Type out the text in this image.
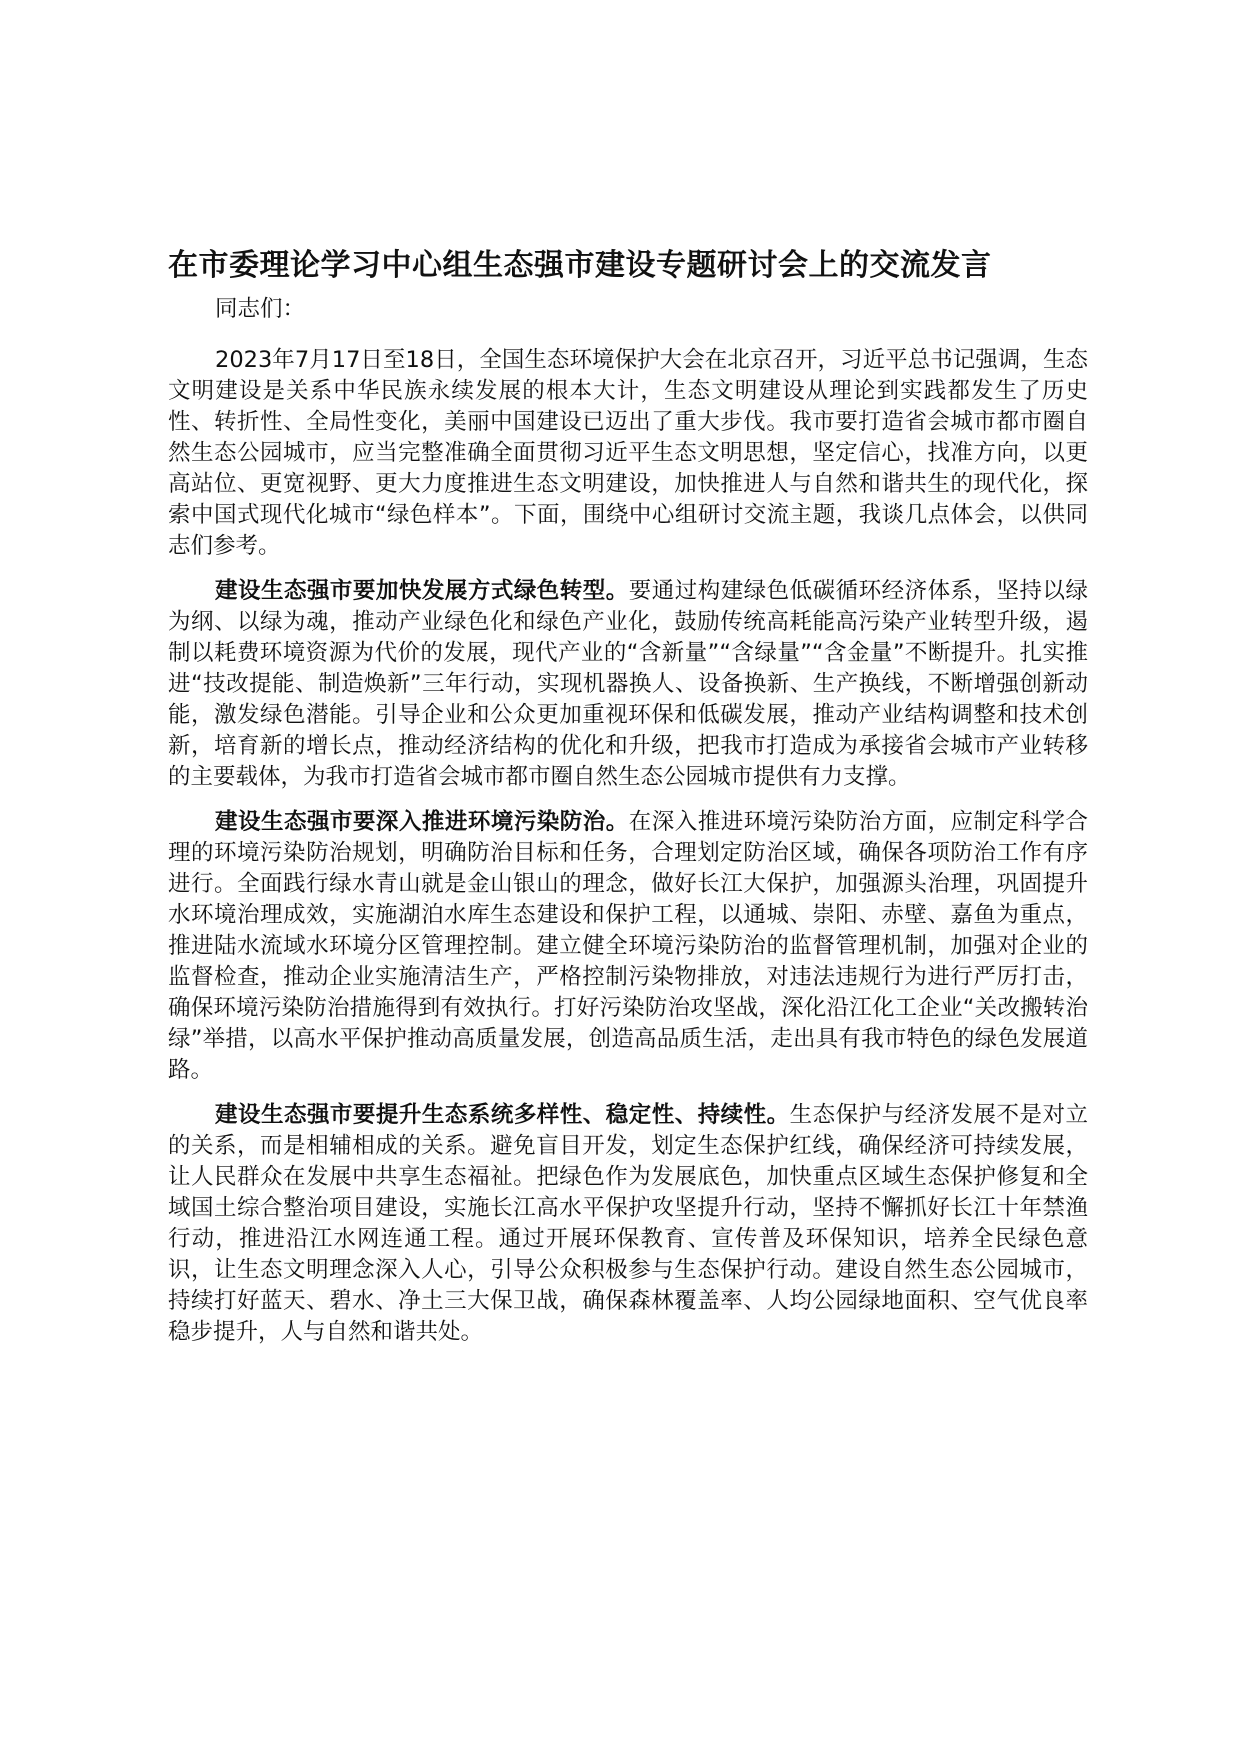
在市委理论学习中心组生态强市建设专题研讨会上的交流发言

同志们：

2023年7月17日至18日，全国生态环境保护大会在北京召开，习近平总书记强调，生态文明建设是关系中华民族永续发展的根本大计，生态文明建设从理论到实践都发生了历史性、转折性、全局性变化，美丽中国建设已迈出了重大步伐。我市要打造省会城市都市圈自然生态公园城市，应当完整准确全面贯彻习近平生态文明思想，坚定信心，找准方向，以更高站位、更宽视野、更大力度推进生态文明建设，加快推进人与自然和谐共生的现代化，探索中国式现代化城市“绿色样本”。下面，围绕中心组研讨交流主题，我谈几点体会，以供同志们参考。

建设生态强市要加快发展方式绿色转型。要通过构建绿色低碳循环经济体系，坚持以绿为纲、以绿为魂，推动产业绿色化和绿色产业化，鼓励传统高耗能高污染产业转型升级，遏制以耗费环境资源为代价的发展，现代产业的“含新量”“含绿量”“含金量”不断提升。扎实推进“技改提能、制造焕新”三年行动，实现机器换人、设备换新、生产换线，不断增强创新动能，激发绿色潜能。引导企业和公众更加重视环保和低碳发展，推动产业结构调整和技术创新，培育新的增长点，推动经济结构的优化和升级，把我市打造成为承接省会城市产业转移的主要载体，为我市打造省会城市都市圈自然生态公园城市提供有力支撑。

建设生态强市要深入推进环境污染防治。在深入推进环境污染防治方面，应制定科学合理的环境污染防治规划，明确防治目标和任务，合理划定防治区域，确保各项防治工作有序进行。全面践行绿水青山就是金山银山的理念，做好长江大保护，加强源头治理，巩固提升水环境治理成效，实施湖泊水库生态建设和保护工程，以通城、崇阳、赤壁、嘉鱼为重点，推进陆水流域水环境分区管理控制。建立健全环境污染防治的监督管理机制，加强对企业的监督检查，推动企业实施清洁生产，严格控制污染物排放，对违法违规行为进行严厉打击，确保环境污染防治措施得到有效执行。打好污染防治攻坚战，深化沿江化工企业“关改搬转治绿”举措，以高水平保护推动高质量发展，创造高品质生活，走出具有我市特色的绿色发展道路。

建设生态强市要提升生态系统多样性、稳定性、持续性。生态保护与经济发展不是对立的关系，而是相辅相成的关系。避免盲目开发，划定生态保护红线，确保经济可持续发展，让人民群众在发展中共享生态福祉。把绿色作为发展底色，加快重点区域生态保护修复和全域国土综合整治项目建设，实施长江高水平保护攻坚提升行动，坚持不懈抓好长江十年禁渔行动，推进沿江水网连通工程。通过开展环保教育、宣传普及环保知识，培养全民绿色意识，让生态文明理念深入人心，引导公众积极参与生态保护行动。建设自然生态公园城市，持续打好蓝天、碧水、净土三大保卫战，确保森林覆盖率、人均公园绿地面积、空气优良率稳步提升，人与自然和谐共处。
